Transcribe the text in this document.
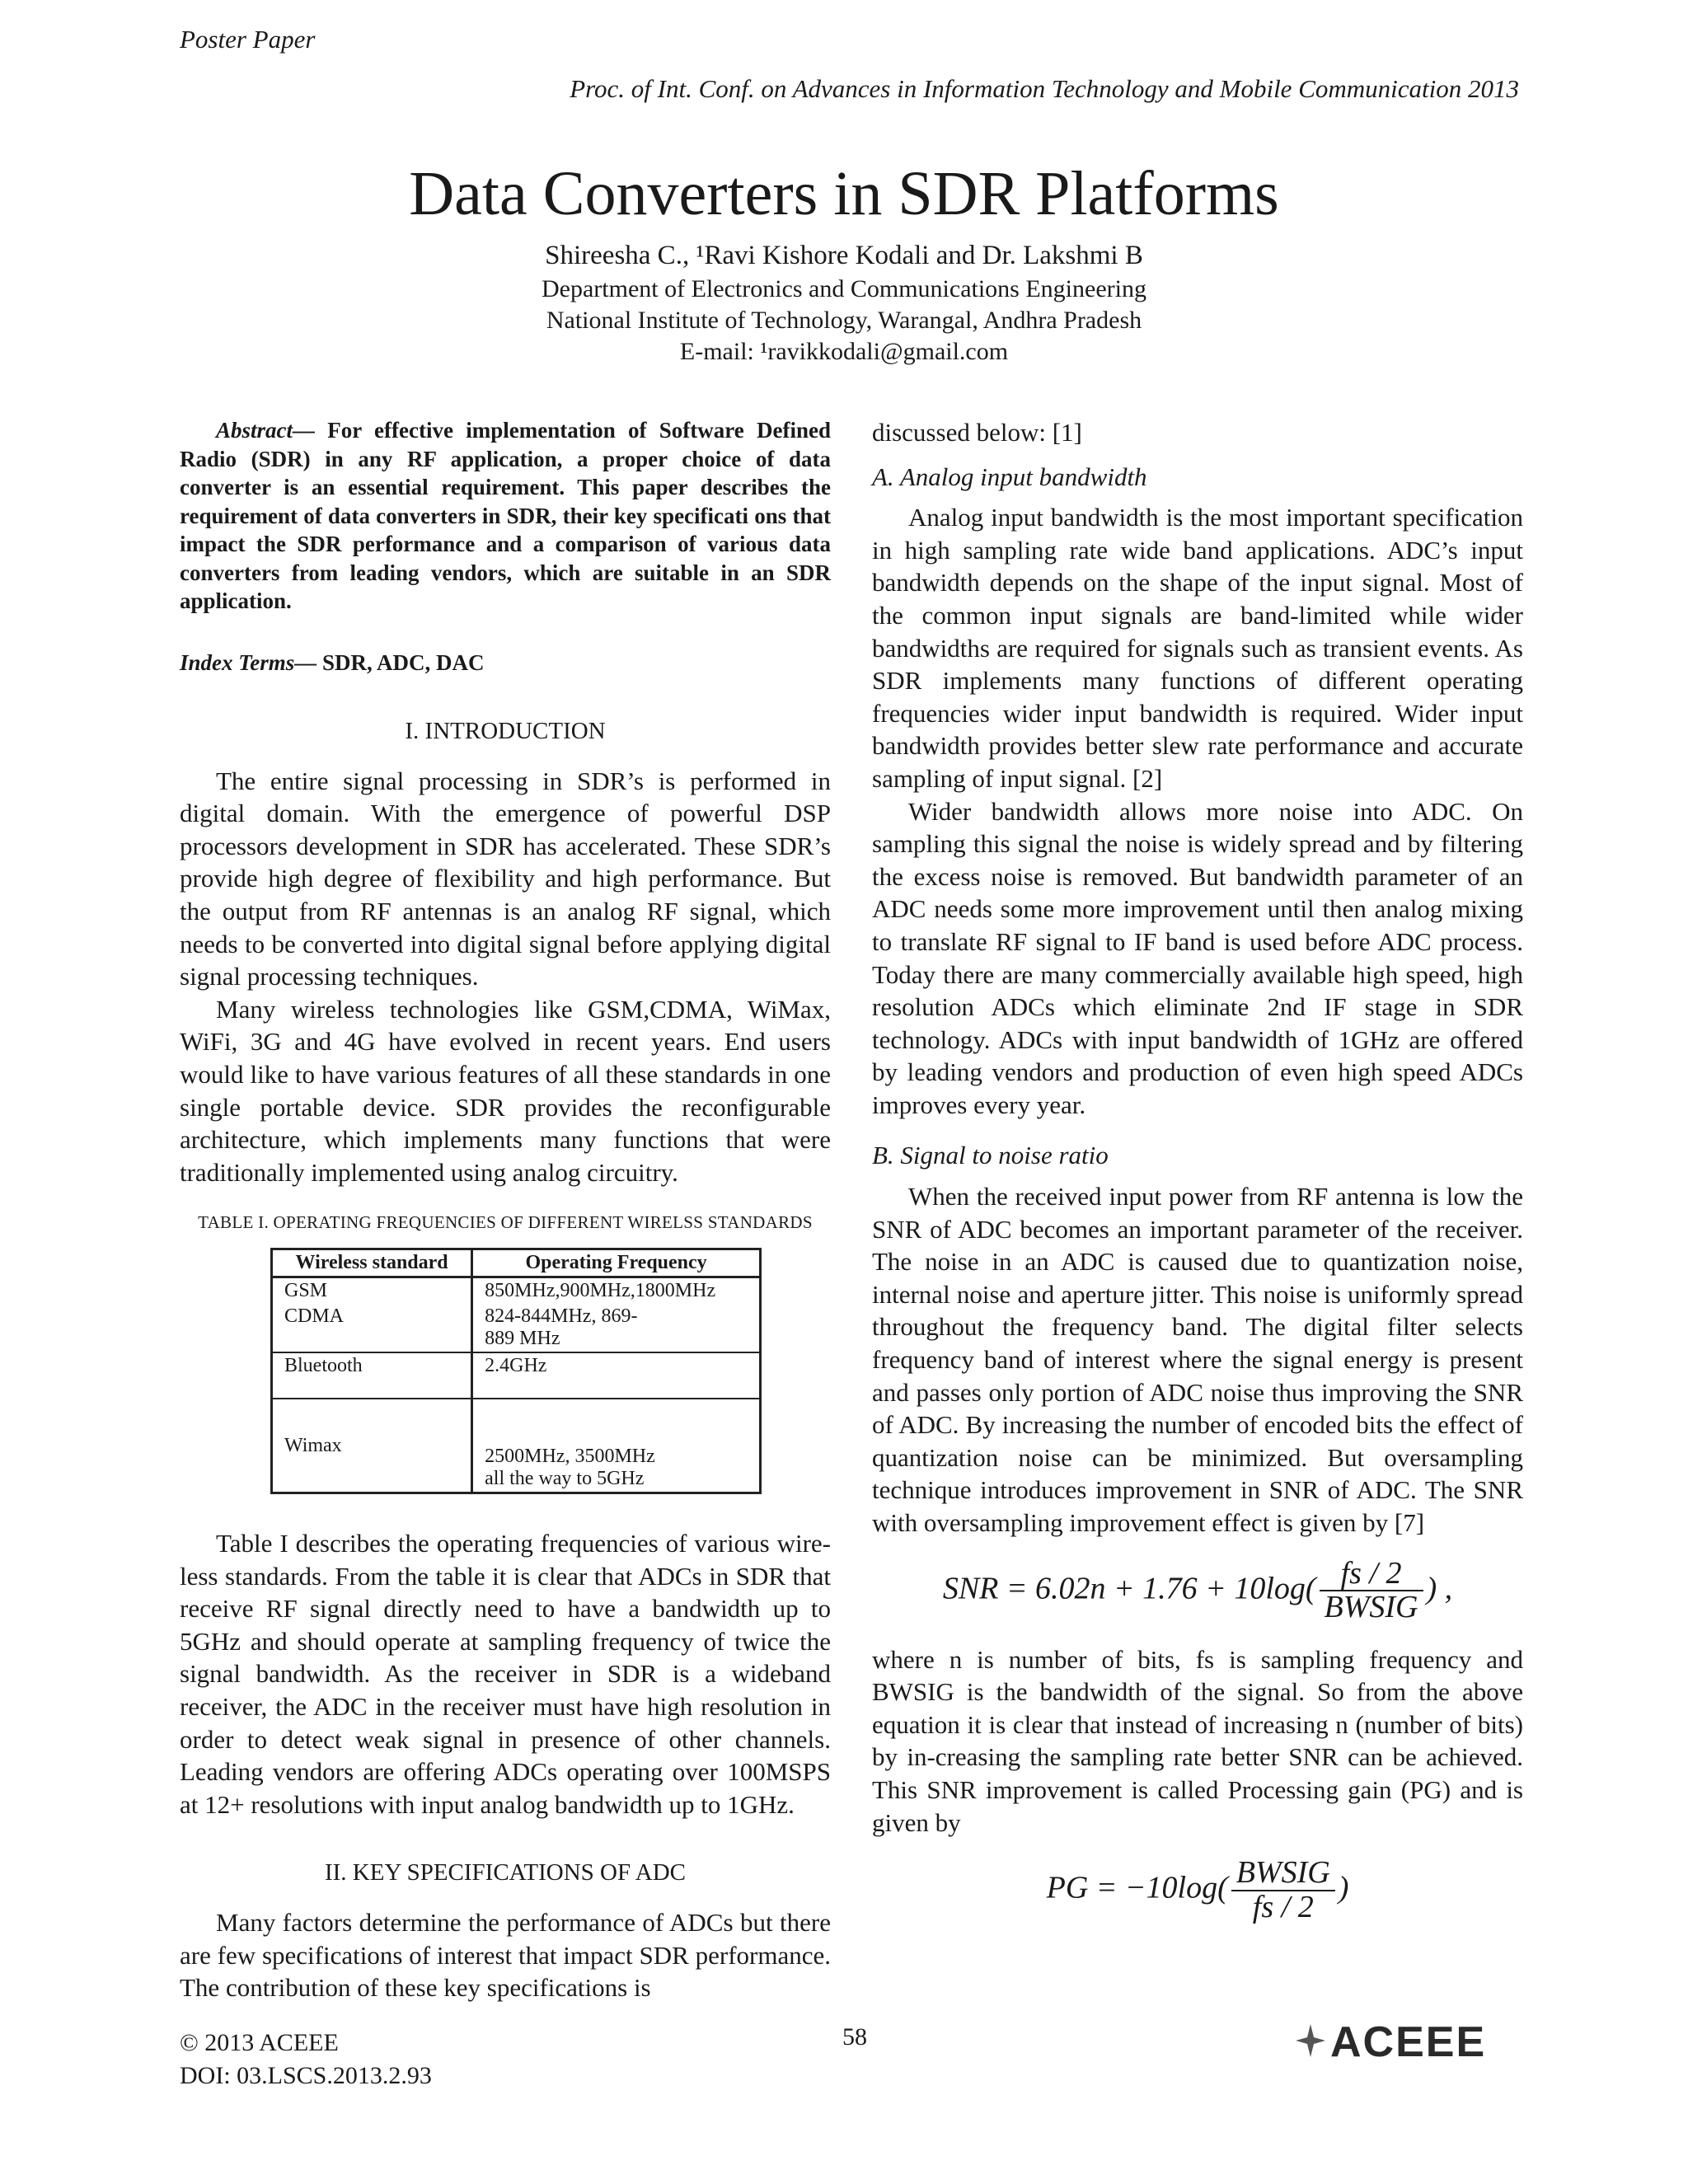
Poster Paper
Proc. of Int. Conf. on Advances in Information Technology and Mobile Communication 2013
Data Converters in SDR Platforms
Shireesha C., ¹Ravi Kishore Kodali and Dr. Lakshmi B
Department of Electronics and Communications Engineering
National Institute of Technology, Warangal, Andhra Pradesh
E-mail: ¹ravikkodali@gmail.com

Abstract— For effective implementation of Software Defined Radio (SDR) in any RF application, a proper choice of data converter is an essential requirement. This paper describes the requirement of data converters in SDR, their key specificati ons that impact the SDR performance and a comparison of various data converters from leading vendors, which are suitable in an SDR application.

Index Terms— SDR, ADC, DAC

I. INTRODUCTION

The entire signal processing in SDR’s is performed in digital domain. With the emergence of powerful DSP processors development in SDR has accelerated. These SDR’s provide high degree of flexibility and high performance. But the output from RF antennas is an analog RF signal, which needs to be converted into digital signal before applying digital signal processing techniques.

Many wireless technologies like GSM,CDMA, WiMax, WiFi, 3G and 4G have evolved in recent years. End users would like to have various features of all these standards in one single portable device. SDR provides the reconfigurable architecture, which implements many functions that were traditionally implemented using analog circuitry.

TABLE I. OPERATING FREQUENCIES OF DIFFERENT WIRELSS STANDARDS

Wireless standard	Operating Frequency
GSM	850MHz,900MHz,1800MHz
CDMA	824-844MHz, 869-
889 MHz
Bluetooth	2.4GHz
Wimax	2500MHz, 3500MHz
all the way to 5GHz

Table I describes the operating frequencies of various wire-less standards. From the table it is clear that ADCs in SDR that receive RF signal directly need to have a bandwidth up to 5GHz and should operate at sampling frequency of twice the signal bandwidth. As the receiver in SDR is a wideband receiver, the ADC in the receiver must have high resolution in order to detect weak signal in presence of other channels. Leading vendors are offering ADCs operating over 100MSPS at 12+ resolutions with input analog bandwidth up to 1GHz.

II. KEY SPECIFICATIONS OF ADC

Many factors determine the performance of ADCs but there are few specifications of interest that impact SDR performance. The contribution of these key specifications is

discussed below: [1]

A. Analog input bandwidth

Analog input bandwidth is the most important specification in high sampling rate wide band applications. ADC’s input bandwidth depends on the shape of the input signal. Most of the common input signals are band-limited while wider bandwidths are required for signals such as transient events. As SDR implements many functions of different operating frequencies wider input bandwidth is required. Wider input bandwidth provides better slew rate performance and accurate sampling of input signal. [2]

Wider bandwidth allows more noise into ADC. On sampling this signal the noise is widely spread and by filtering the excess noise is removed. But bandwidth parameter of an ADC needs some more improvement until then analog mixing to translate RF signal to IF band is used before ADC process. Today there are many commercially available high speed, high resolution ADCs which eliminate 2nd IF stage in SDR technology. ADCs with input bandwidth of 1GHz are offered by leading vendors and production of even high speed ADCs improves every year.

B. Signal to noise ratio

When the received input power from RF antenna is low the SNR of ADC becomes an important parameter of the receiver. The noise in an ADC is caused due to quantization noise, internal noise and aperture jitter. This noise is uniformly spread throughout the frequency band. The digital filter selects frequency band of interest where the signal energy is present and passes only portion of ADC noise thus improving the SNR of ADC. By increasing the number of encoded bits the effect of quantization noise can be minimized. But oversampling technique introduces improvement in SNR of ADC. The SNR with oversampling improvement effect is given by [7]

SNR = $6.02n + 1.76 + 10\log( \frac{fs / 2}{\text{BWSIG}}$ ) ,

where n is number of bits, fs is sampling frequency and BWSIG is the bandwidth of the signal. So from the above equation it is clear that instead of increasing n (number of bits) by in-creasing the sampling rate better SNR can be achieved. This SNR improvement is called Processing gain (PG) and is given by

PG = $-10\log( \frac{\text{BWSIG}}{fs / 2}$ )
© 2013 ACEEE
DOI: 03.LSCS.2013.2.93
58	ACEEE
